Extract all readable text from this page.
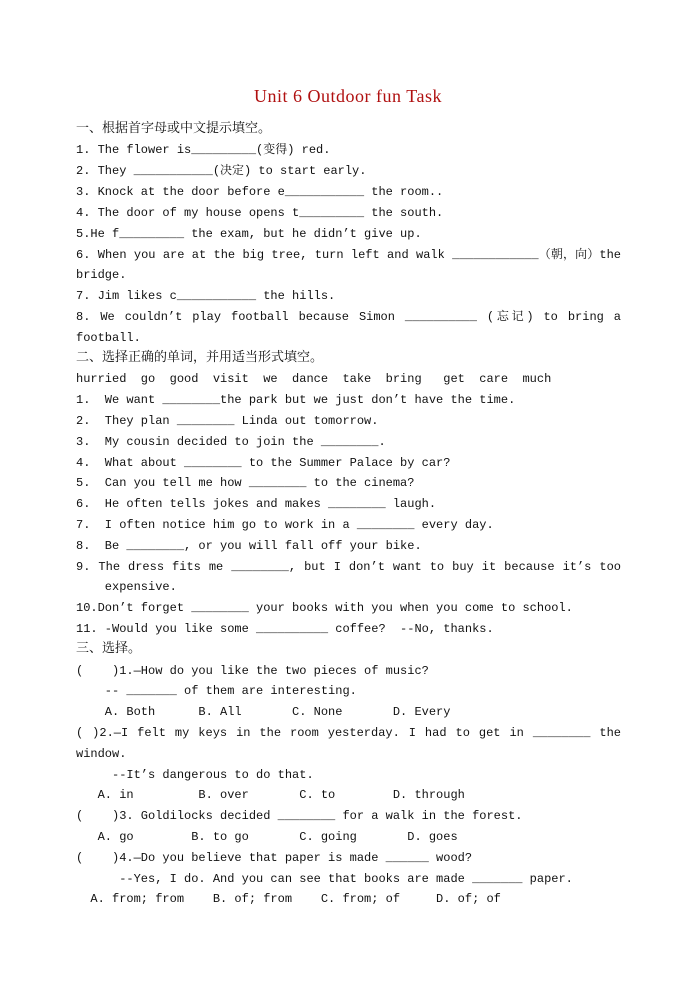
Unit 6 Outdoor fun Task
一、根据首字母或中文提示填空。
1. The flower is_________(变得) red.
2. They ___________(决定) to start early.
3. Knock at the door before e___________ the room..
4. The door of my house opens t_________ the south.
5.He f_________ the exam, but he didn’t give up.
6. When you are at the big tree, turn left and walk ____________（朝，向）the
bridge.
7. Jim likes c___________ the hills.
8. We couldn’t play football because Simon __________ (忘记) to bring a
football.
二、选择正确的单词，并用适当形式填空。
hurried  go  good  visit  we  dance  take  bring   get  care  much
1.  We want ________the park but we just don’t have the time.
2.  They plan ________ Linda out tomorrow.
3.  My cousin decided to join the ________.
4.  What about ________ to the Summer Palace by car?
5.  Can you tell me how ________ to the cinema?
6.  He often tells jokes and makes ________ laugh.
7.  I often notice him go to work in a ________ every day.
8.  Be ________, or you will fall off your bike.
9. The dress fits me ________, but I don’t want to buy it because it’s too
expensive.
10.Don’t forget ________ your books with you when you come to school.
11. -Would you like some __________ coffee?  --No, thanks.
三、选择。
(    )1.—How do you like the two pieces of music?
-- _______ of them are interesting.
A. Both      B. All       C. None       D. Every
( )2.—I felt my keys in the room yesterday. I had to get in ________ the
window.
--It’s dangerous to do that.
A. in         B. over       C. to        D. through
(    )3. Goldilocks decided ________ for a walk in the forest.
A. go        B. to go       C. going       D. goes
(    )4.—Do you believe that paper is made ______ wood?
--Yes, I do. And you can see that books are made _______ paper.
A. from; from    B. of; from    C. from; of     D. of; of
